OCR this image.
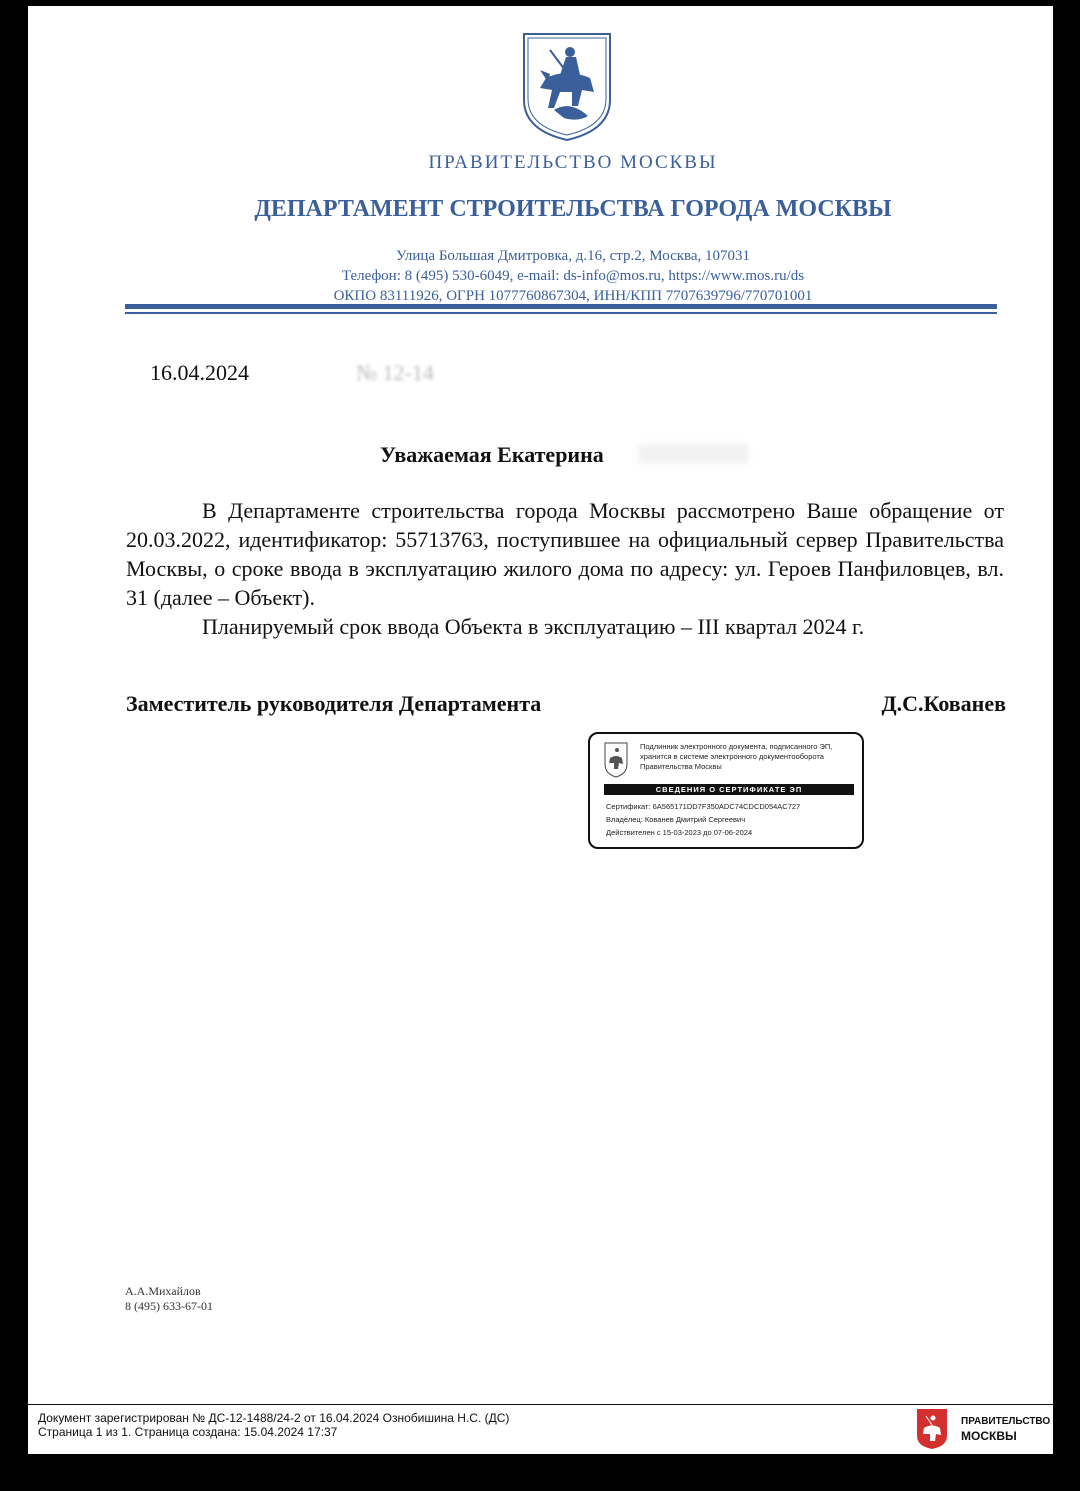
ПРАВИТЕЛЬСТВО МОСКВЫ
ДЕПАРТАМЕНТ СТРОИТЕЛЬСТВА ГОРОДА МОСКВЫ
Улица Большая Дмитровка, д.16, стр.2, Москва, 107031
Телефон: 8 (495) 530-6049, e-mail: ds-info@mos.ru, https://www.mos.ru/ds
ОКПО 83111926, ОГРН 1077760867304, ИНН/КПП 7707639796/770701001
16.04.2024	№ 12-14
Уважаемая Екатерина

В Департаменте строительства города Москвы рассмотрено Ваше обращение от 20.03.2022, идентификатор: 55713763, поступившее на официальный сервер Правительства Москвы, о сроке ввода в эксплуатацию жилого дома по адресу: ул. Героев Панфиловцев, вл. 31 (далее – Объект).

Планируемый срок ввода Объекта в эксплуатацию – III квартал 2024 г.

Заместитель руководителя Департамента	Д.С.Кованев
Подлинник электронного документа, подписанного ЭП, хранится в системе электронного документооборота Правительства Москвы
СВЕДЕНИЯ О СЕРТИФИКАТЕ ЭП
Сертификат: 6A565171DD7F350ADC74CDCD054AC727
Владелец: Кованев Дмитрий Сергеевич
Действителен с 15-03-2023 до 07-06-2024
А.А.Михайлов
8 (495) 633-67-01
Документ зарегистрирован № ДС-12-1488/24-2 от 16.04.2024 Ознобишина Н.С. (ДС)
Страница 1 из 1. Страница создана: 15.04.2024 17:37
ПРАВИТЕЛЬСТВО
МОСКВЫ
